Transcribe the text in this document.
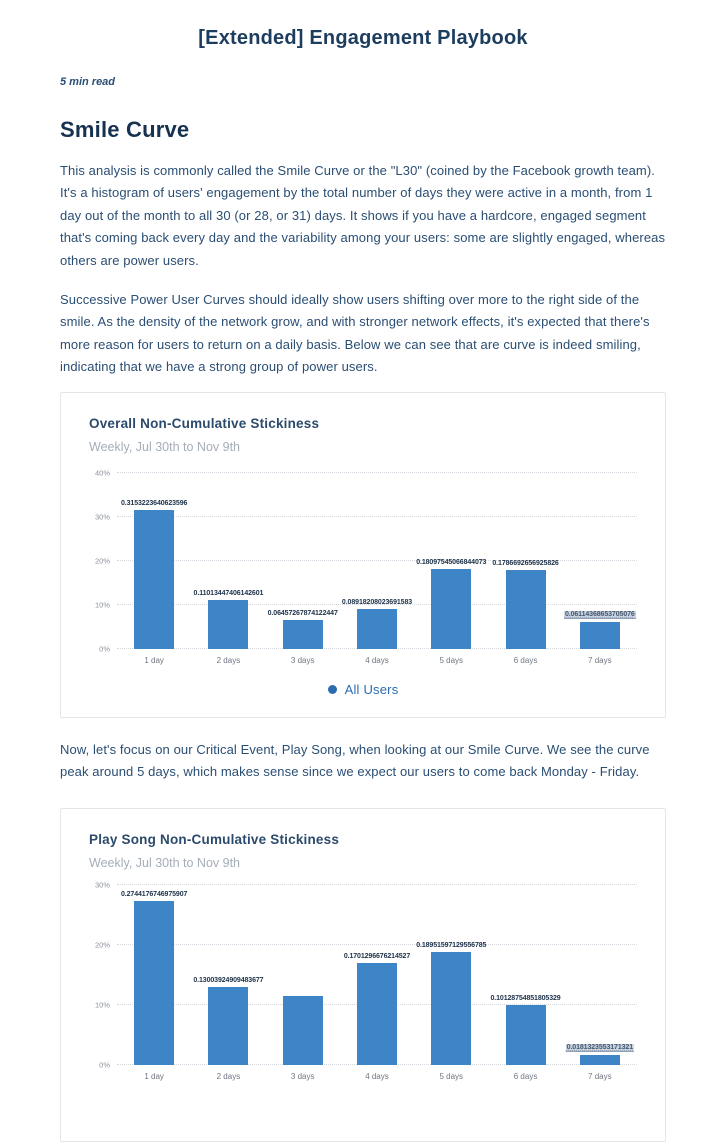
[Extended] Engagement Playbook
5 min read
Smile Curve

This analysis is commonly called the Smile Curve or the "L30" (coined by the Facebook growth team). It's a histogram of users' engagement by the total number of days they were active in a month, from 1 day out of the month to all 30 (or 28, or 31) days. It shows if you have a hardcore, engaged segment that's coming back every day and the variability among your users: some are slightly engaged, whereas others are power users.

Successive Power User Curves should ideally show users shifting over more to the right side of the smile. As the density of the network grow, and with stronger network effects, it's expected that there's more reason for users to return on a daily basis. Below we can see that are curve is indeed smiling, indicating that we have a strong group of power users.

Overall Non-Cumulative Stickiness
Weekly, Jul 30th to Nov 9th
40%
30%
20%
10%
0%
0.3153223640623596
0.11013447406142601
0.06457267874122447
0.08918208023691583
0.18097545066844073 0.1786692656925826
0.06114368653705076
1 day	2 days	3 days	4 days	5 days	6 days	7 days
All Users

Now, let's focus on our Critical Event, Play Song, when looking at our Smile Curve. We see the curve peak around 5 days, which makes sense since we expect our users to come back Monday - Friday.

Play Song Non-Cumulative Stickiness
Weekly, Jul 30th to Nov 9th
30%
20%
10%
0%
0.2744176746975907
0.13003924909483677
0.1701296676214527
0.18951597129556785
0.10128754851805329
0.0181323553171321
1 day	2 days	3 days	4 days	5 days	6 days	7 days
